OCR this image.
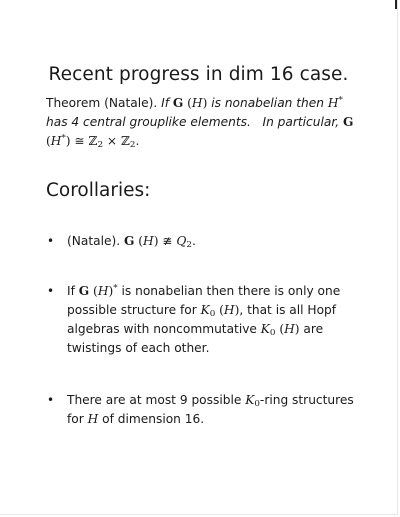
Recent progress in dim 16 case.
Theorem (Natale). If G (H) is nonabelian then H* has 4 central grouplike elements. In particular, G (H*) ≅ ℤ$_2$ × ℤ$_2$.
Corollaries:
• (Natale). G (H) ≇ $Q_2$.
• If G (H)* is nonabelian then there is only one possible structure for $K_0$ (H), that is all Hopf algebras with noncommutative $K_0$ (H) are twistings of each other.
• There are at most 9 possible $K_0$-ring structures for H of dimension 16.
